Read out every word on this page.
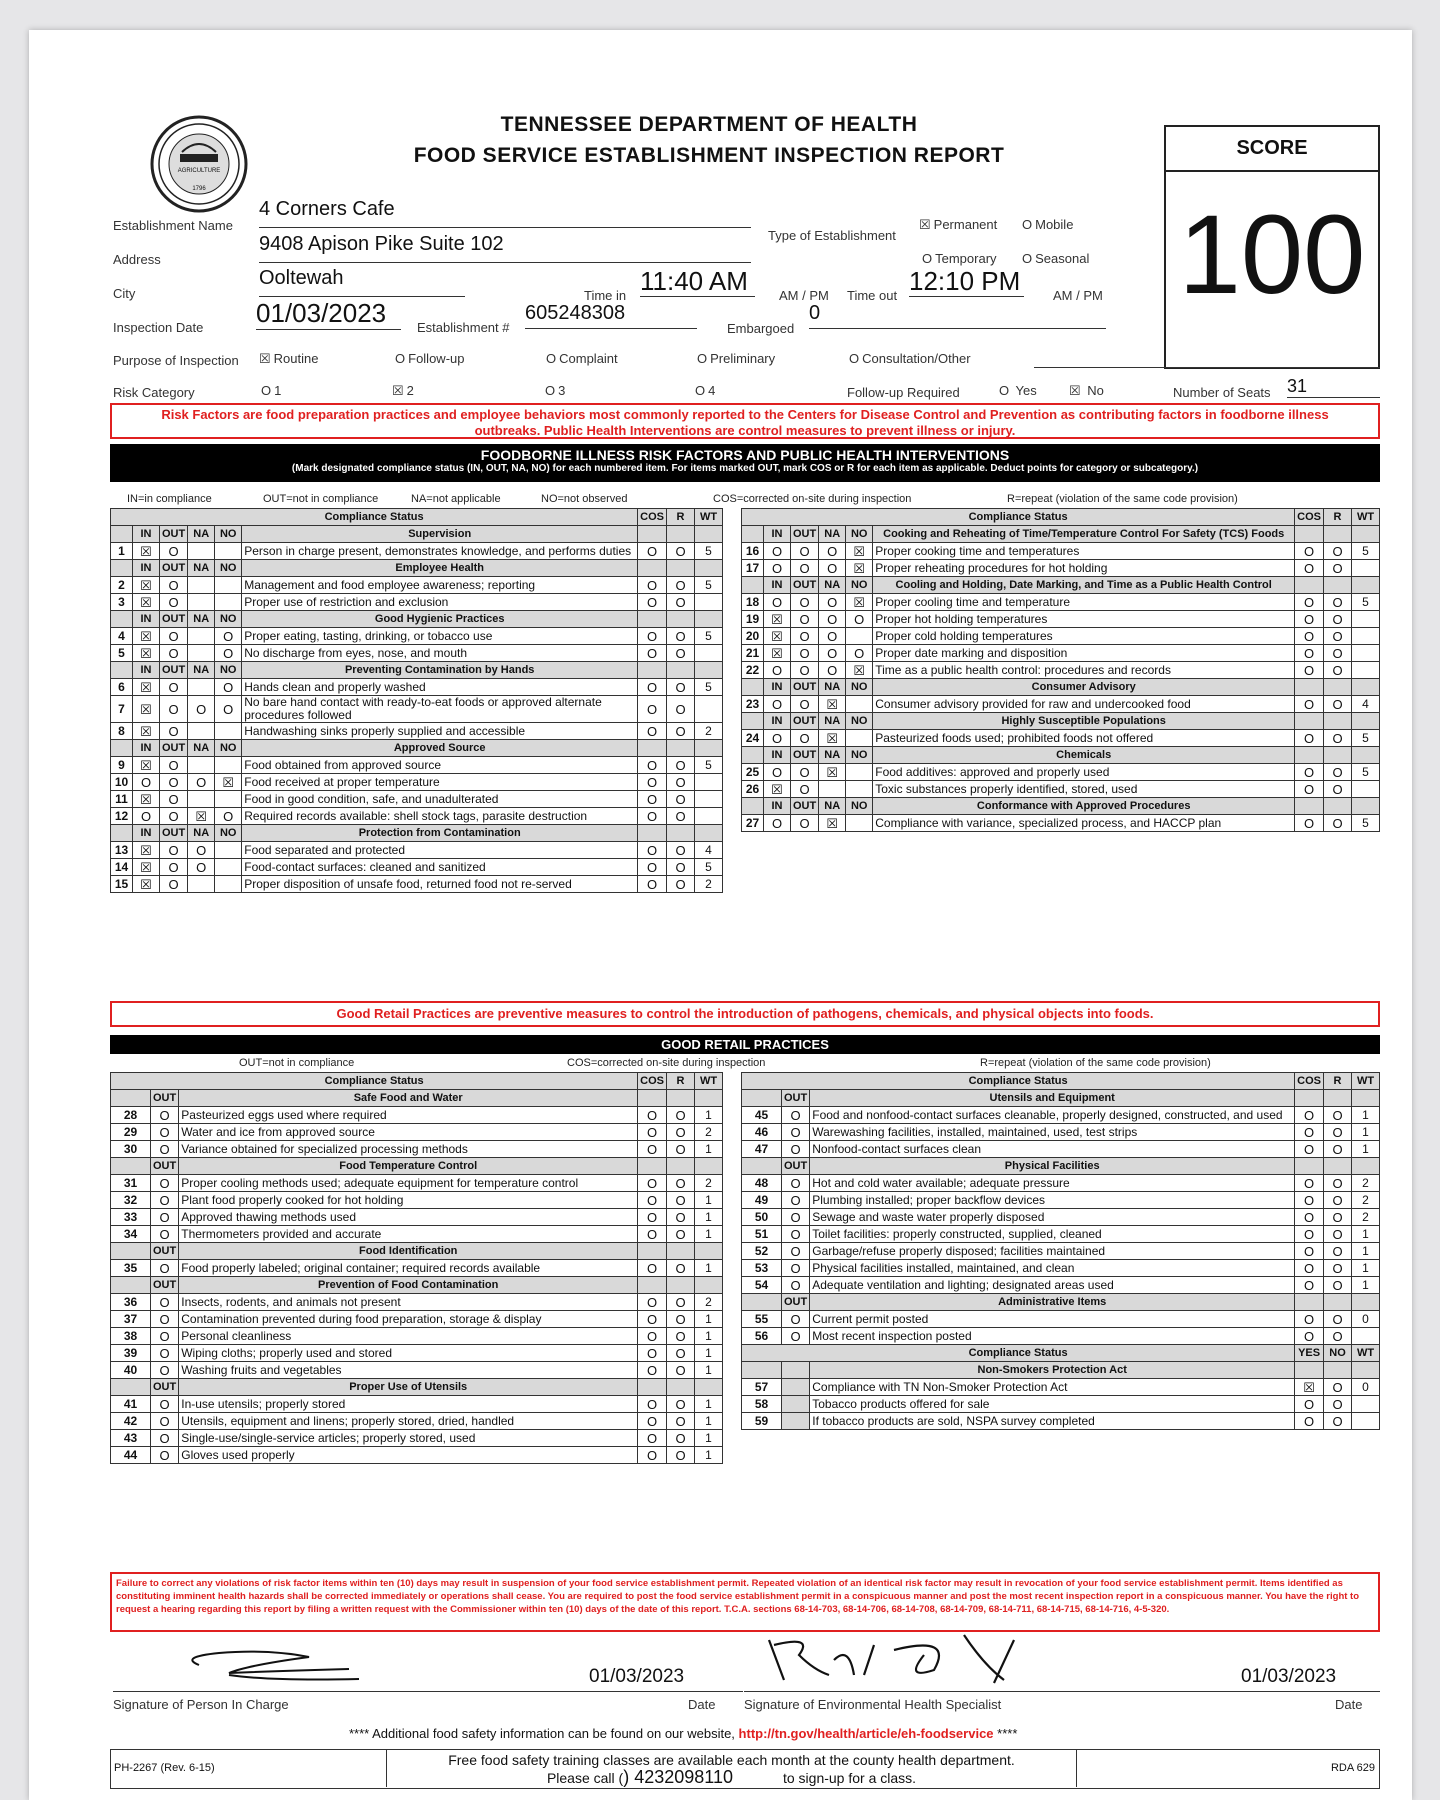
AGRICULTURE
1796
TENNESSEE DEPARTMENT OF HEALTH
FOOD SERVICE ESTABLISHMENT INSPECTION REPORT	SCORE
100
Establishment Name
4 Corners Cafe
Address
9408 Apison Pike Suite 102
City
Ooltewah
Time in 11:40 AM	AM / PM Time out 12:10 PM	AM / PM
Type of Establishment
☒ Permanent O Mobile
O Temporary O Seasonal
Inspection Date 01/03/2023	Establishment #
605248308
Embargoed
0
Purpose of Inspection ☒ Routine	O Follow-up	O Complaint	O Preliminary	O Consultation/Other
Risk Category	O 1	☒ 2	O 3	O 4	Follow-up Required	O Yes ☒ No	Number of Seats 31
Risk Factors are food preparation practices and employee behaviors most commonly reported to the Centers for Disease Control and Prevention as contributing factors in foodborne illness outbreaks. Public Health Interventions are control measures to prevent illness or injury.
FOODBORNE ILLNESS RISK FACTORS AND PUBLIC HEALTH INTERVENTIONS
(Mark designated compliance status (IN, OUT, NA, NO) for each numbered item. For items marked OUT, mark COS or R for each item as applicable. Deduct points for category or subcategory.)
IN=in compliance	OUT=not in compliance	NA=not applicable	NO=not observed	COS=corrected on-site during inspection	R=repeat (violation of the same code provision)
Compliance Status						COS	R	WT
	IN	OUT	NA	NO	Supervision			
1	☒	O			Person in charge present, demonstrates knowledge, and performs duties	O	O	5
	IN	OUT	NA	NO	Employee Health			
2	☒	O			Management and food employee awareness; reporting	O	O	5
3	☒	O			Proper use of restriction and exclusion	O	O	
	IN	OUT	NA	NO	Good Hygienic Practices			
4	☒	O		O	Proper eating, tasting, drinking, or tobacco use	O	O	5
5	☒	O		O	No discharge from eyes, nose, and mouth	O	O	
	IN	OUT	NA	NO	Preventing Contamination by Hands			
6	☒	O		O	Hands clean and properly washed	O	O	5
7	☒	O	O	O	No bare hand contact with ready-to-eat foods or approved alternate procedures followed	O	O	
8	☒	O			Handwashing sinks properly supplied and accessible	O	O	2
	IN	OUT	NA	NO	Approved Source			
9	☒	O			Food obtained from approved source	O	O	5
10	O	O	O	☒	Food received at proper temperature	O	O	
11	☒	O			Food in good condition, safe, and unadulterated	O	O	
12	O	O	☒	O	Required records available: shell stock tags, parasite destruction	O	O	
	IN	OUT	NA	NO	Protection from Contamination			
13	☒	O	O		Food separated and protected	O	O	4
14	☒	O	O		Food-contact surfaces: cleaned and sanitized	O	O	5
15	☒	O			Proper disposition of unsafe food, returned food not re-served	O	O	2
Compliance Status						COS	R	WT
	IN	OUT	NA	NO	Cooking and Reheating of Time/Temperature Control For Safety (TCS) Foods			
16	O	O	O	☒	Proper cooking time and temperatures	O	O	5
17	O	O	O	☒	Proper reheating procedures for hot holding	O	O	
	IN	OUT	NA	NO	Cooling and Holding, Date Marking, and Time as a Public Health Control			
18	O	O	O	☒	Proper cooling time and temperature	O	O	5
19	☒	O	O	O	Proper hot holding temperatures	O	O	
20	☒	O	O		Proper cold holding temperatures	O	O	
21	☒	O	O	O	Proper date marking and disposition	O	O	
22	O	O	O	☒	Time as a public health control: procedures and records	O	O	
	IN	OUT	NA	NO	Consumer Advisory			
23	O	O	☒		Consumer advisory provided for raw and undercooked food	O	O	4
	IN	OUT	NA	NO	Highly Susceptible Populations			
24	O	O	☒		Pasteurized foods used; prohibited foods not offered	O	O	5
	IN	OUT	NA	NO	Chemicals			
25	O	O	☒		Food additives: approved and properly used	O	O	5
26	☒	O			Toxic substances properly identified, stored, used	O	O	
	IN	OUT	NA	NO	Conformance with Approved Procedures			
27	O	O	☒		Compliance with variance, specialized process, and HACCP plan	O	O	5
Good Retail Practices are preventive measures to control the introduction of pathogens, chemicals, and physical objects into foods.
GOOD RETAIL PRACTICES
OUT=not in compliance	COS=corrected on-site during inspection	R=repeat (violation of the same code provision)
Compliance Status			COS	R	WT
	OUT	Safe Food and Water			
28	O	Pasteurized eggs used where required	O	O	1
29	O	Water and ice from approved source	O	O	2
30	O	Variance obtained for specialized processing methods	O	O	1
	OUT	Food Temperature Control			
31	O	Proper cooling methods used; adequate equipment for temperature control	O	O	2
32	O	Plant food properly cooked for hot holding	O	O	1
33	O	Approved thawing methods used	O	O	1
34	O	Thermometers provided and accurate	O	O	1
	OUT	Food Identification			
35	O	Food properly labeled; original container; required records available	O	O	1
	OUT	Prevention of Food Contamination			
36	O	Insects, rodents, and animals not present	O	O	2
37	O	Contamination prevented during food preparation, storage & display	O	O	1
38	O	Personal cleanliness	O	O	1
39	O	Wiping cloths; properly used and stored	O	O	1
40	O	Washing fruits and vegetables	O	O	1
	OUT	Proper Use of Utensils			
41	O	In-use utensils; properly stored	O	O	1
42	O	Utensils, equipment and linens; properly stored, dried, handled	O	O	1
43	O	Single-use/single-service articles; properly stored, used	O	O	1
44	O	Gloves used properly	O	O	1
Compliance Status			COS	R	WT
	OUT	Utensils and Equipment			
45	O	Food and nonfood-contact surfaces cleanable, properly designed, constructed, and used	O	O	1
46	O	Warewashing facilities, installed, maintained, used, test strips	O	O	1
47	O	Nonfood-contact surfaces clean	O	O	1
	OUT	Physical Facilities			
48	O	Hot and cold water available; adequate pressure	O	O	2
49	O	Plumbing installed; proper backflow devices	O	O	2
50	O	Sewage and waste water properly disposed	O	O	2
51	O	Toilet facilities: properly constructed, supplied, cleaned	O	O	1
52	O	Garbage/refuse properly disposed; facilities maintained	O	O	1
53	O	Physical facilities installed, maintained, and clean	O	O	1
54	O	Adequate ventilation and lighting; designated areas used	O	O	1
	OUT	Administrative Items			
55	O	Current permit posted	O	O	0
56	O	Most recent inspection posted	O	O	
Compliance Status			YES	NO	WT
		Non-Smokers Protection Act			
57		Compliance with TN Non-Smoker Protection Act	☒	O	0
58		Tobacco products offered for sale	O	O	
59		If tobacco products are sold, NSPA survey completed	O	O	
Failure to correct any violations of risk factor items within ten (10) days may result in suspension of your food service establishment permit. Repeated violation of an identical risk factor may result in revocation of your food service establishment permit. Items identified as constituting imminent health hazards shall be corrected immediately or operations shall cease. You are required to post the food service establishment permit in a conspicuous manner and post the most recent inspection report in a conspicuous manner. You have the right to request a hearing regarding this report by filing a written request with the Commissioner within ten (10) days of the date of this report. T.C.A. sections 68-14-703, 68-14-706, 68-14-708, 68-14-709, 68-14-711, 68-14-715, 68-14-716, 4-5-320.
01/03/2023
Signature of Person In Charge	Date
01/03/2023
Signature of Environmental Health Specialist	Date
**** Additional food safety information can be found on our website, http://tn.gov/health/article/eh-foodservice ****
PH-2267 (Rev. 6-15)	Free food safety training classes are available each month at the county health department.
Please call () 4232098110	to sign-up for a class.
RDA 629
